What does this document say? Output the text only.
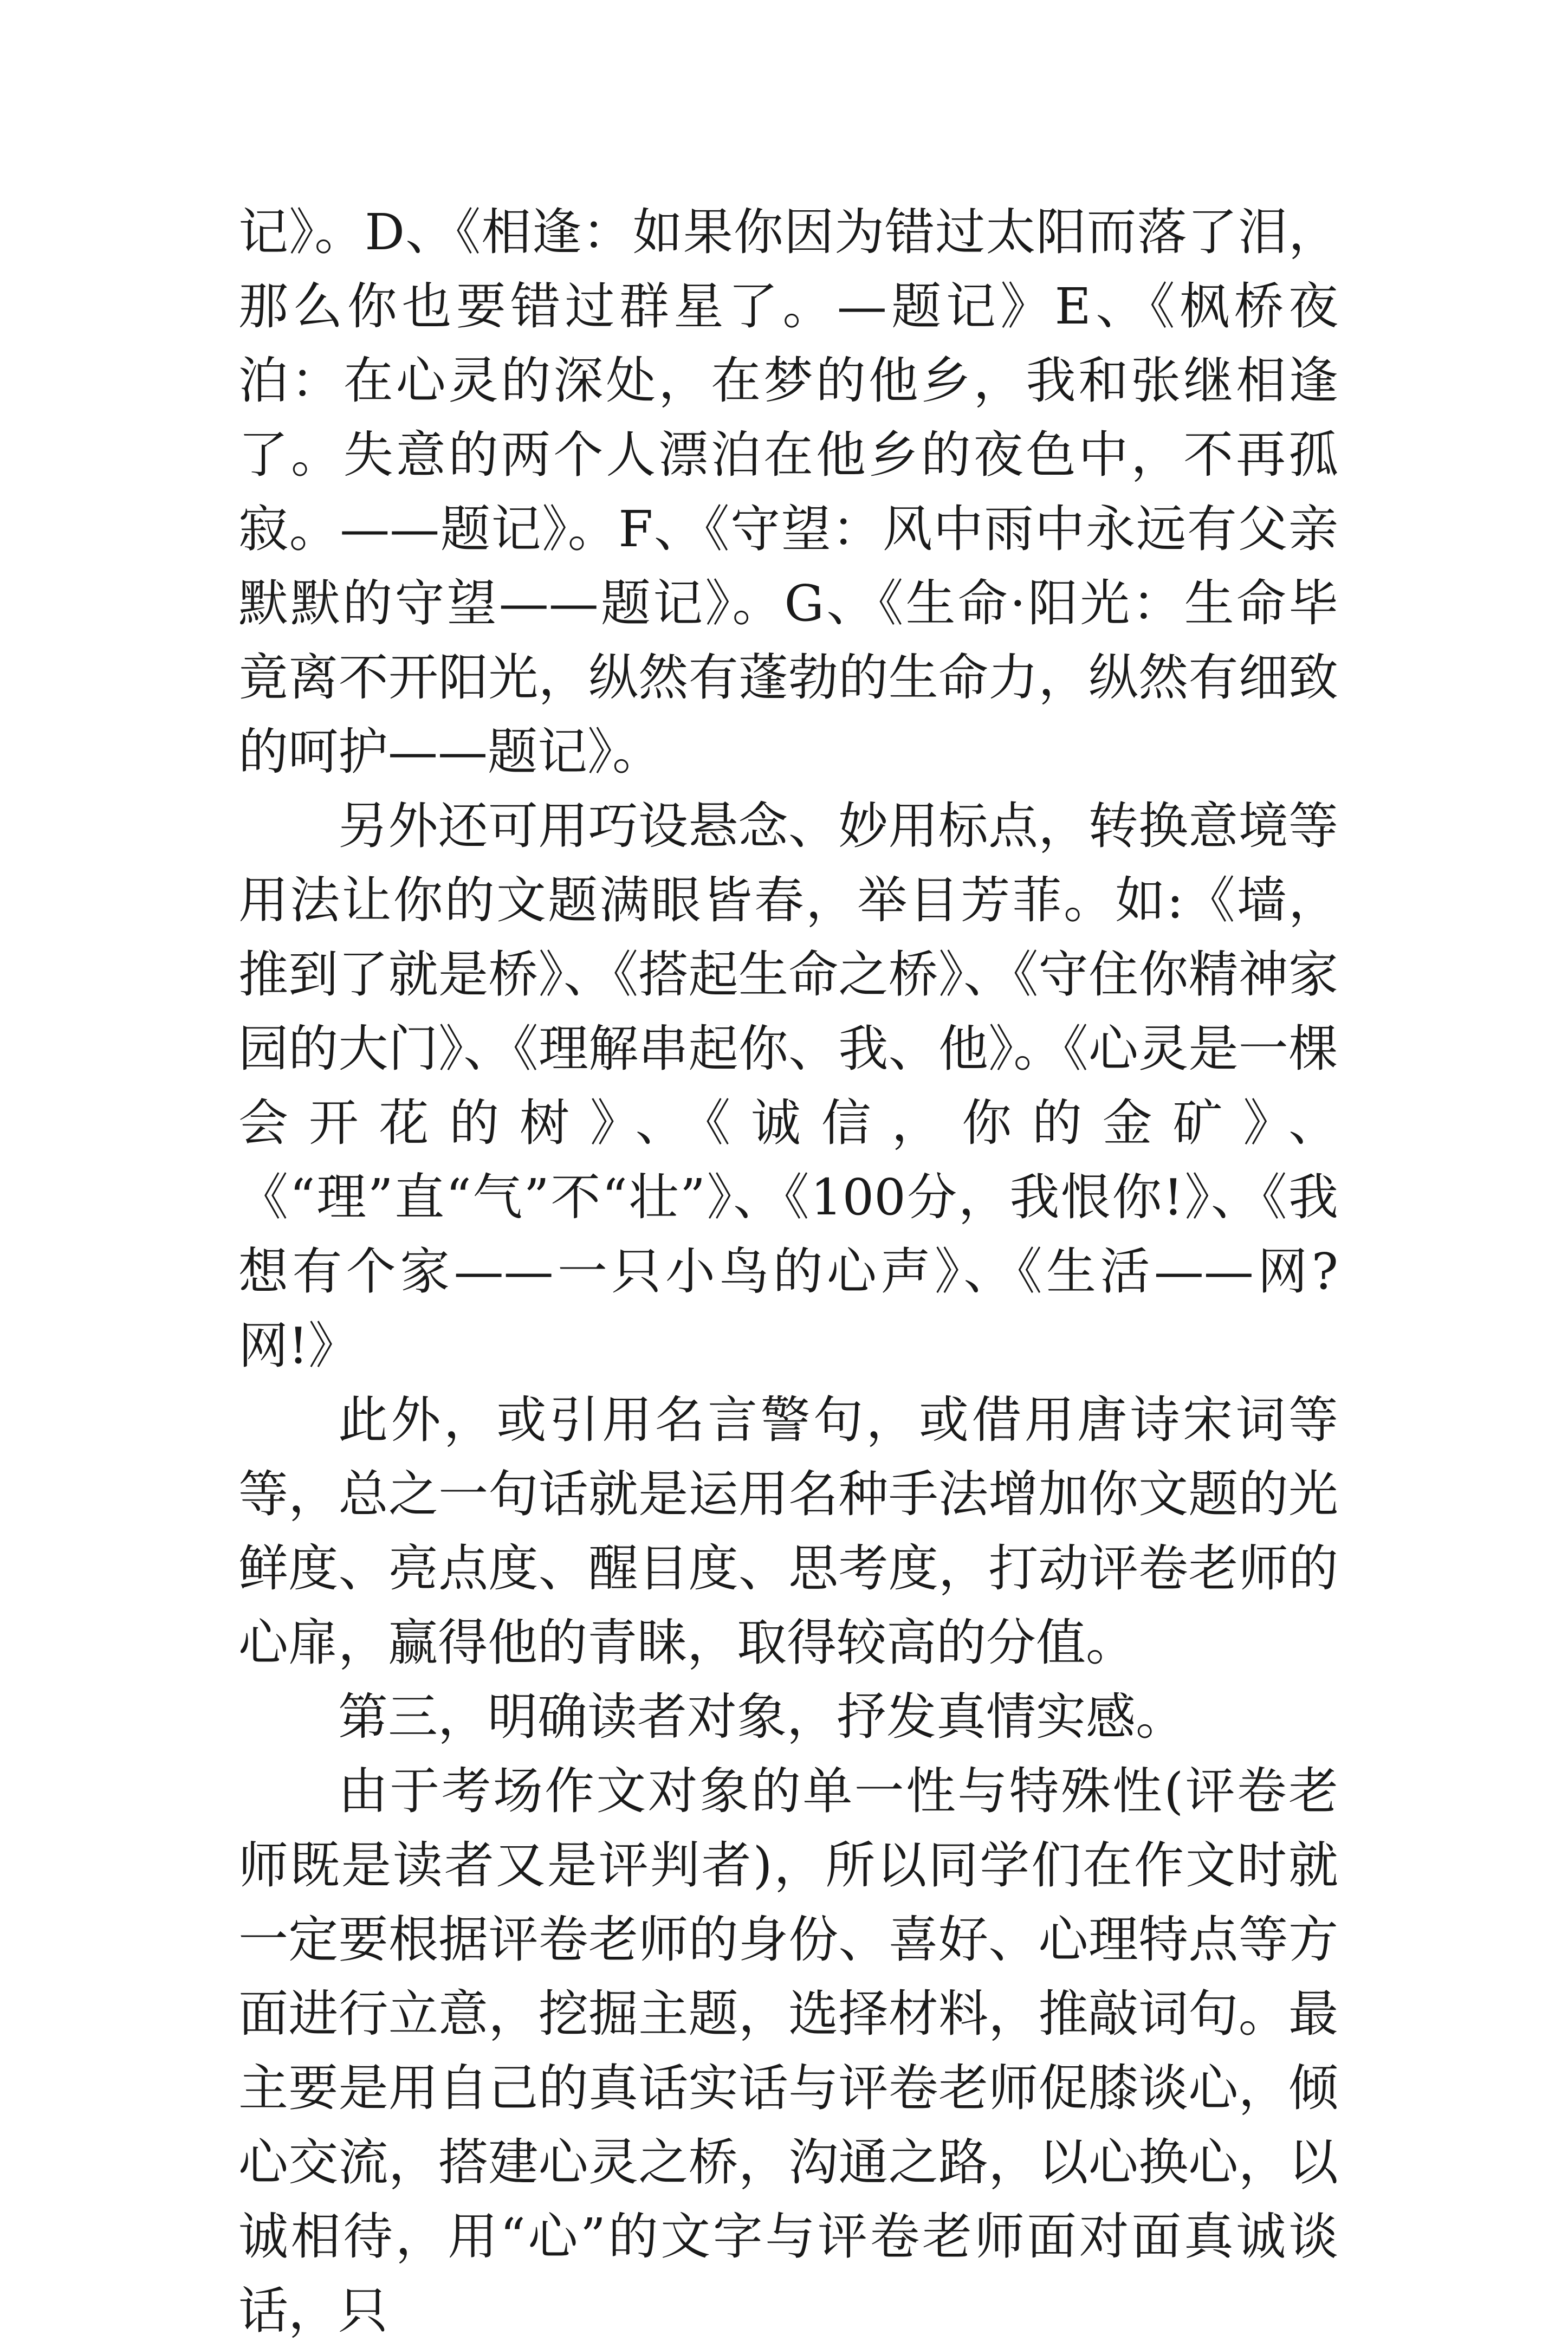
记》。D、《相逢：如果你因为错过太阳而落了泪，那么你也要错过群星了。—题记》E、《枫桥夜泊：在心灵的深处，在梦的他乡，我和张继相逢了。失意的两个人漂泊在他乡的夜色中，不再孤寂。——题记》。F、《守望：风中雨中永远有父亲默默的守望——题记》。G、《生命·阳光：生命毕竟离不开阳光，纵然有蓬勃的生命力，纵然有细致的呵护——题记》。

另外还可用巧设悬念、妙用标点，转换意境等用法让你的文题满眼皆春，举目芳菲。如:《墙，推到了就是桥》、《搭起生命之桥》、《守住你精神家园的大门》、《理解串起你、我、他》。《心灵是一棵会开花的树》、《诚信，你的金矿》、《“理”直“气”不“壮”》、《100分，我恨你!》、《我想有个家——一只小鸟的心声》、《生活——网?网!》

此外，或引用名言警句，或借用唐诗宋词等等，总之一句话就是运用名种手法增加你文题的光鲜度、亮点度、醒目度、思考度，打动评卷老师的心扉，赢得他的青睐，取得较高的分值。

第三，明确读者对象，抒发真情实感。

由于考场作文对象的单一性与特殊性(评卷老师既是读者又是评判者)，所以同学们在作文时就一定要根据评卷老师的身份、喜好、心理特点等方面进行立意，挖掘主题，选择材料，推敲词句。最主要是用自己的真话实话与评卷老师促膝谈心，倾心交流，搭建心灵之桥，沟通之路，以心换心，以诚相待，用“心”的文字与评卷老师面对面真诚谈话，只
